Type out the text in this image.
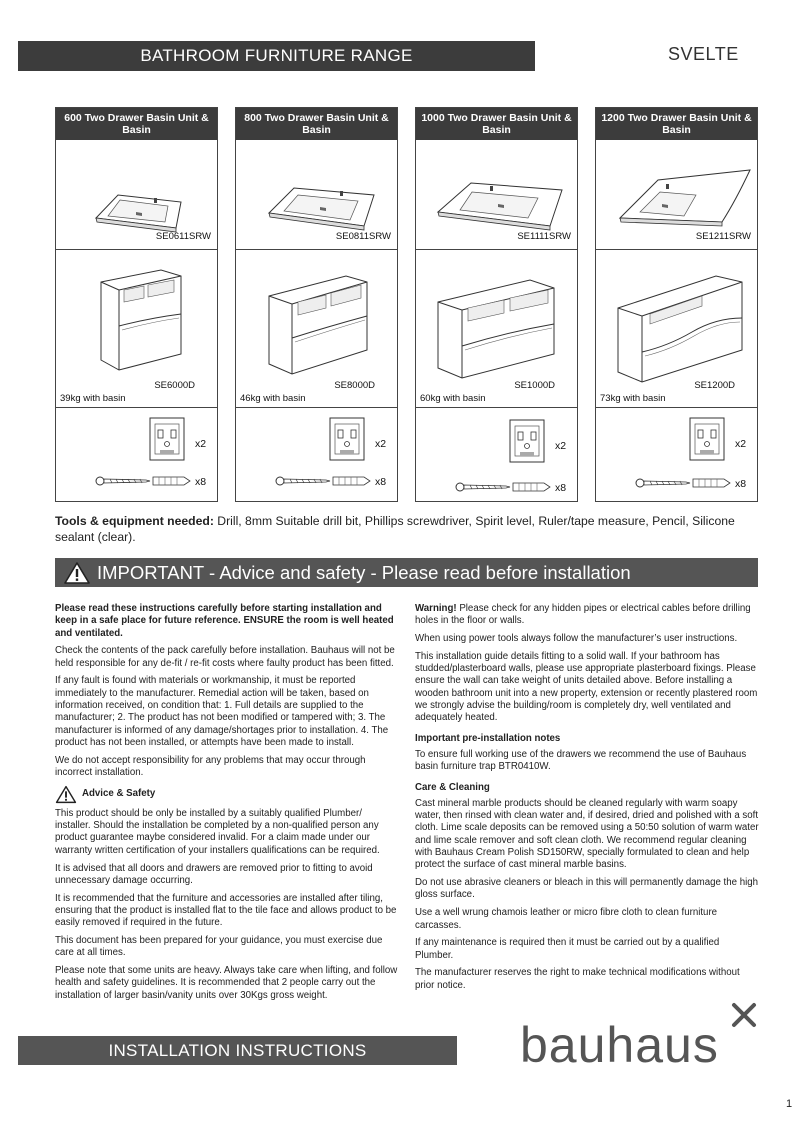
BATHROOM FURNITURE RANGE	SVELTE
600 Two Drawer Basin Unit & Basin
SE0611SRW
SE6000D
39kg with basin
x2
x8
800 Two Drawer Basin Unit & Basin
SE0811SRW
SE8000D
46kg with basin
x2
x8
1000 Two Drawer Basin Unit & Basin
SE1111SRW
SE1000D
60kg with basin
x2
x8
1200 Two Drawer Basin Unit & Basin
SE1211SRW
SE1200D
73kg with basin
x2
x8
Tools & equipment needed: Drill, 8mm Suitable drill bit, Phillips screwdriver, Spirit level, Ruler/tape measure, Pencil, Silicone sealant (clear).
IMPORTANT - Advice and safety - Please read before installation

Please read these instructions carefully before starting installation and keep in a safe place for future reference. ENSURE the room is well heated and ventilated.

Check the contents of the pack carefully before installation. Bauhaus will not be held responsible for any de-fit / re-fit costs where faulty product has been fitted.

If any fault is found with materials or workmanship, it must be reported immediately to the manufacturer. Remedial action will be taken, based on information received, on condition that: 1. Full details are supplied to the manufacturer; 2. The product has not been modified or tampered with; 3. The manufacturer is informed of any damage/shortages prior to installation. 4. The product has not been installed, or attempts have been made to install.

We do not accept responsibility for any problems that may occur through incorrect installation.

Advice & Safety

This product should be only be installed by a suitably qualified Plumber/ installer. Should the installation be completed by a non-qualified person any product guarantee maybe considered invalid. For a claim made under our warranty written certification of your installers qualifications can be required.

It is advised that all doors and drawers are removed prior to fitting to avoid unnecessary damage occurring.

It is recommended that the furniture and accessories are installed after tiling, ensuring that the product is installed flat to the tile face and allows product to be easily removed if required in the future.

This document has been prepared for your guidance, you must exercise due care at all times.

Please note that some units are heavy. Always take care when lifting, and follow health and safety guidelines. It is recommended that 2 people carry out the installation of larger basin/vanity units over 30Kgs gross weight.

Warning! Please check for any hidden pipes or electrical cables before drilling holes in the floor or walls.

When using power tools always follow the manufacturer’s user instructions.

This installation guide details fitting to a solid wall. If your bathroom has studded/plasterboard walls, please use appropriate plasterboard fixings. Please ensure the wall can take weight of units detailed above. Before installing a wooden bathroom unit into a new property, extension or recently plastered room we strongly advise the building/room is completely dry, well ventilated and adequately heated.

Important pre-installation notes

To ensure full working use of the drawers we recommend the use of Bauhaus basin furniture trap BTR0410W.

Care & Cleaning

Cast mineral marble products should be cleaned regularly with warm soapy water, then rinsed with clean water and, if desired, dried and polished with a soft cloth. Lime scale deposits can be removed using a 50:50 solution of warm water and lime scale remover and soft clean cloth. We recommend regular cleaning with Bauhaus Cream Polish SD150RW, specially formulated to clean and help protect the surface of cast mineral marble basins.

Do not use abrasive cleaners or bleach in this will permanently damage the high gloss surface.

Use a well wrung chamois leather or micro fibre cloth to clean furniture carcasses.

If any maintenance is required then it must be carried out by a qualified Plumber.

The manufacturer reserves the right to make technical modifications without prior notice.

INSTALLATION INSTRUCTIONS	bauhaus
1
